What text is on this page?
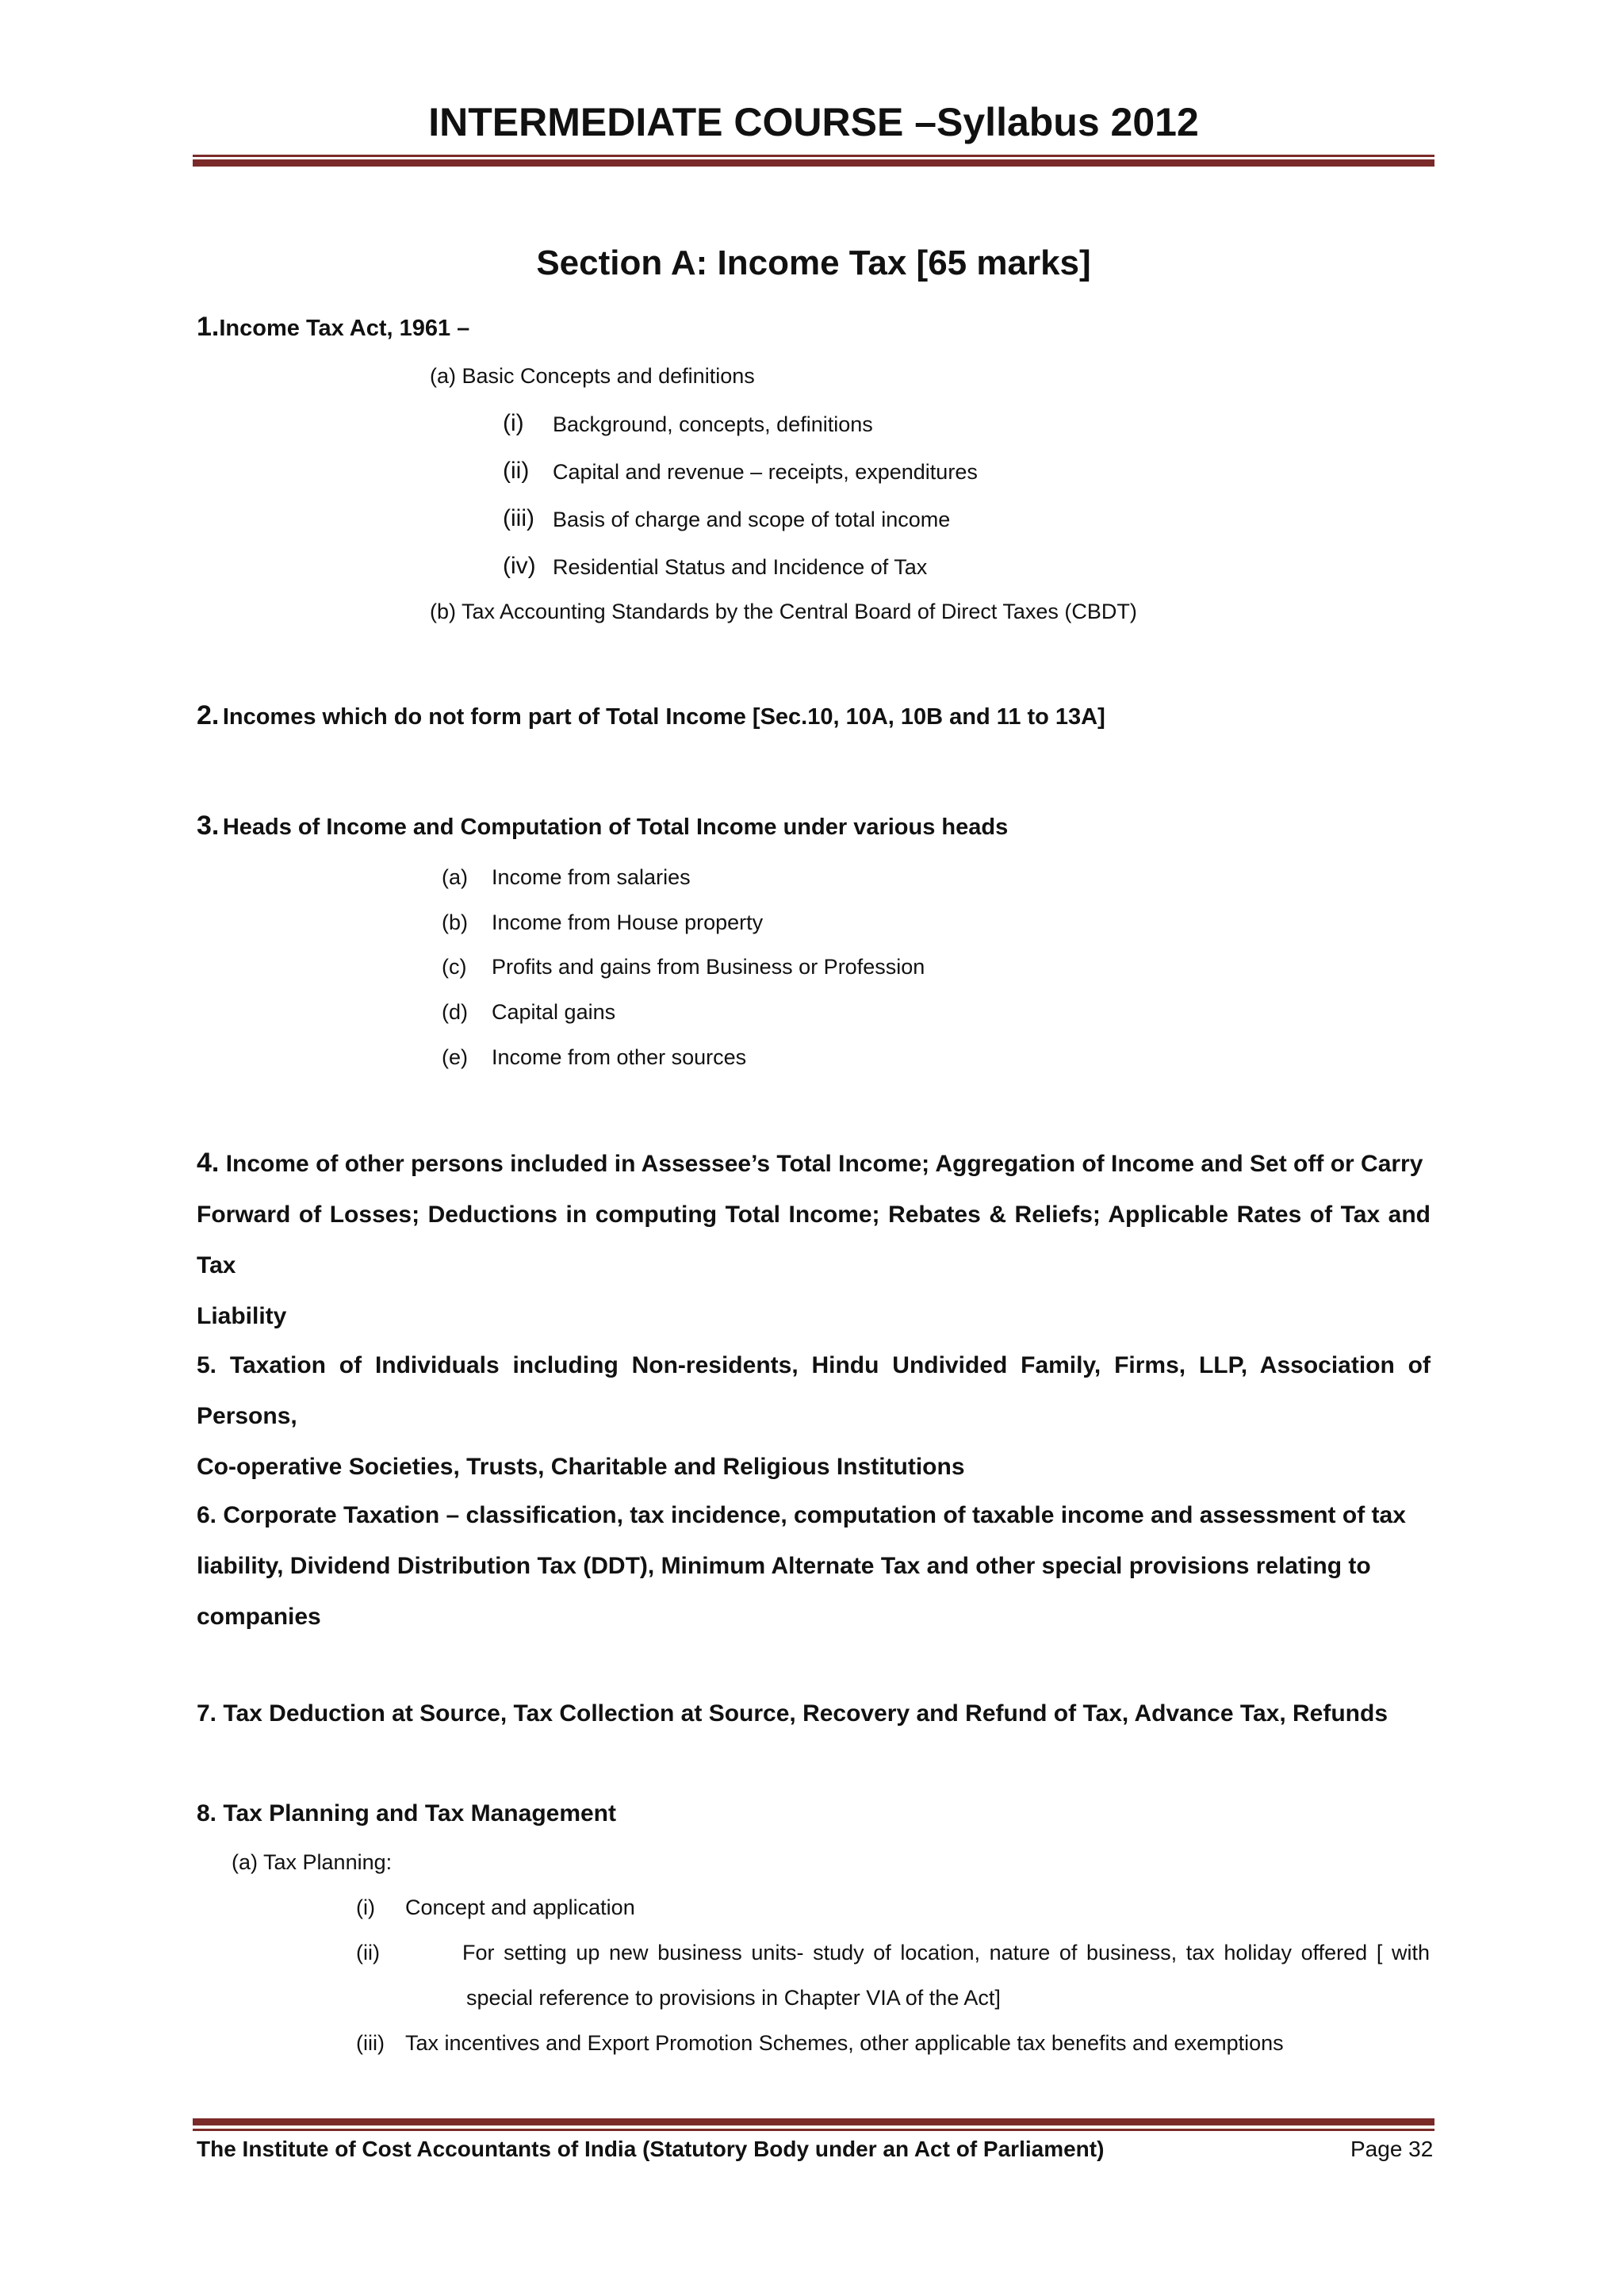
INTERMEDIATE COURSE –Syllabus 2012
Section A: Income Tax [65 marks]
1.Income Tax Act, 1961 –
(a) Basic Concepts and definitions
(i) Background, concepts, definitions
(ii) Capital and revenue – receipts, expenditures
(iii) Basis of charge and scope of total income
(iv) Residential Status and Incidence of Tax
(b) Tax Accounting Standards by the Central Board of Direct Taxes (CBDT)
2. Incomes which do not form part of Total Income [Sec.10, 10A, 10B and 11 to 13A]
3. Heads of Income and Computation of Total Income under various heads
(a) Income from salaries
(b) Income from House property
(c) Profits and gains from Business or Profession
(d) Capital gains
(e) Income from other sources
4. Income of other persons included in Assessee’s Total Income; Aggregation of Income and Set off or Carry
Forward of Losses; Deductions in computing Total Income; Rebates & Reliefs; Applicable Rates of Tax and Tax
Liability
5. Taxation of Individuals including Non-residents, Hindu Undivided Family, Firms, LLP, Association of Persons,
Co-operative Societies, Trusts, Charitable and Religious Institutions
6. Corporate Taxation – classification, tax incidence, computation of taxable income and assessment of tax
liability, Dividend Distribution Tax (DDT), Minimum Alternate Tax and other special provisions relating to
companies
7. Tax Deduction at Source, Tax Collection at Source, Recovery and Refund of Tax, Advance Tax, Refunds
8. Tax Planning and Tax Management
(a) Tax Planning:
(i) Concept and application
(ii)	For setting up new business units- study of location, nature of business, tax holiday offered [ with
special reference to provisions in Chapter VIA of the Act]
(iii) Tax incentives and Export Promotion Schemes, other applicable tax benefits and exemptions
The Institute of Cost Accountants of India (Statutory Body under an Act of Parliament)	Page 32
